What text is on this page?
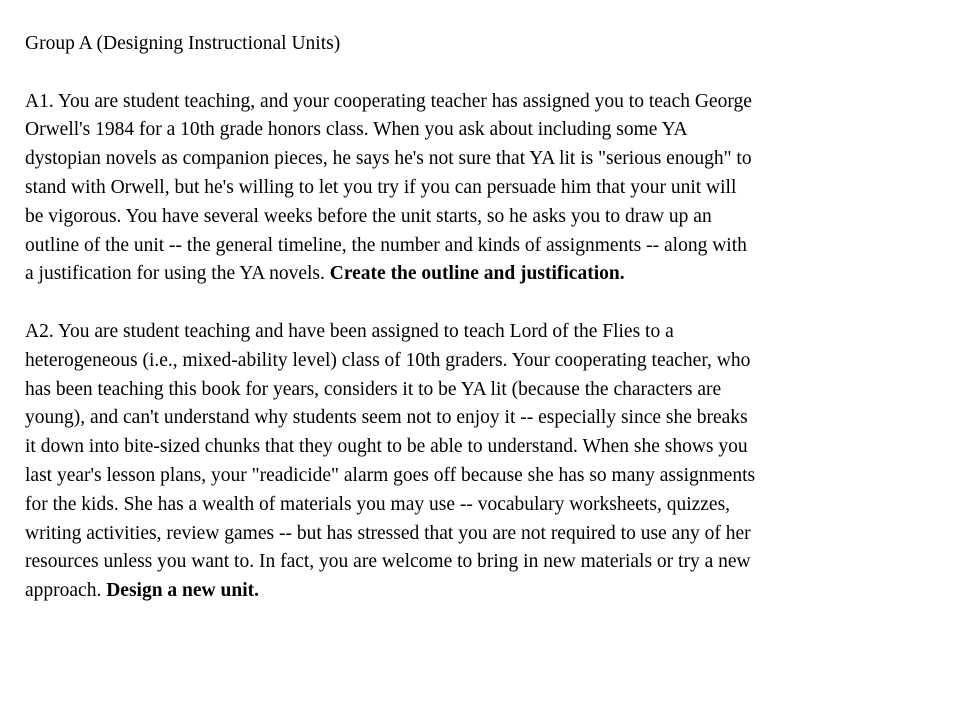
Group A (Designing Instructional Units)
A1. You are student teaching, and your cooperating teacher has assigned you to teach George
Orwell's 1984 for a 10th grade honors class. When you ask about including some YA
dystopian novels as companion pieces, he says he's not sure that YA lit is "serious enough" to
stand with Orwell, but he's willing to let you try if you can persuade him that your unit will
be vigorous. You have several weeks before the unit starts, so he asks you to draw up an
outline of the unit -- the general timeline, the number and kinds of assignments -- along with
a justification for using the YA novels. Create the outline and justification.
A2. You are student teaching and have been assigned to teach Lord of the Flies to a
heterogeneous (i.e., mixed-ability level) class of 10th graders. Your cooperating teacher, who
has been teaching this book for years, considers it to be YA lit (because the characters are
young), and can't understand why students seem not to enjoy it -- especially since she breaks
it down into bite-sized chunks that they ought to be able to understand. When she shows you
last year's lesson plans, your "readicide" alarm goes off because she has so many assignments
for the kids. She has a wealth of materials you may use -- vocabulary worksheets, quizzes,
writing activities, review games -- but has stressed that you are not required to use any of her
resources unless you want to. In fact, you are welcome to bring in new materials or try a new
approach. Design a new unit.
